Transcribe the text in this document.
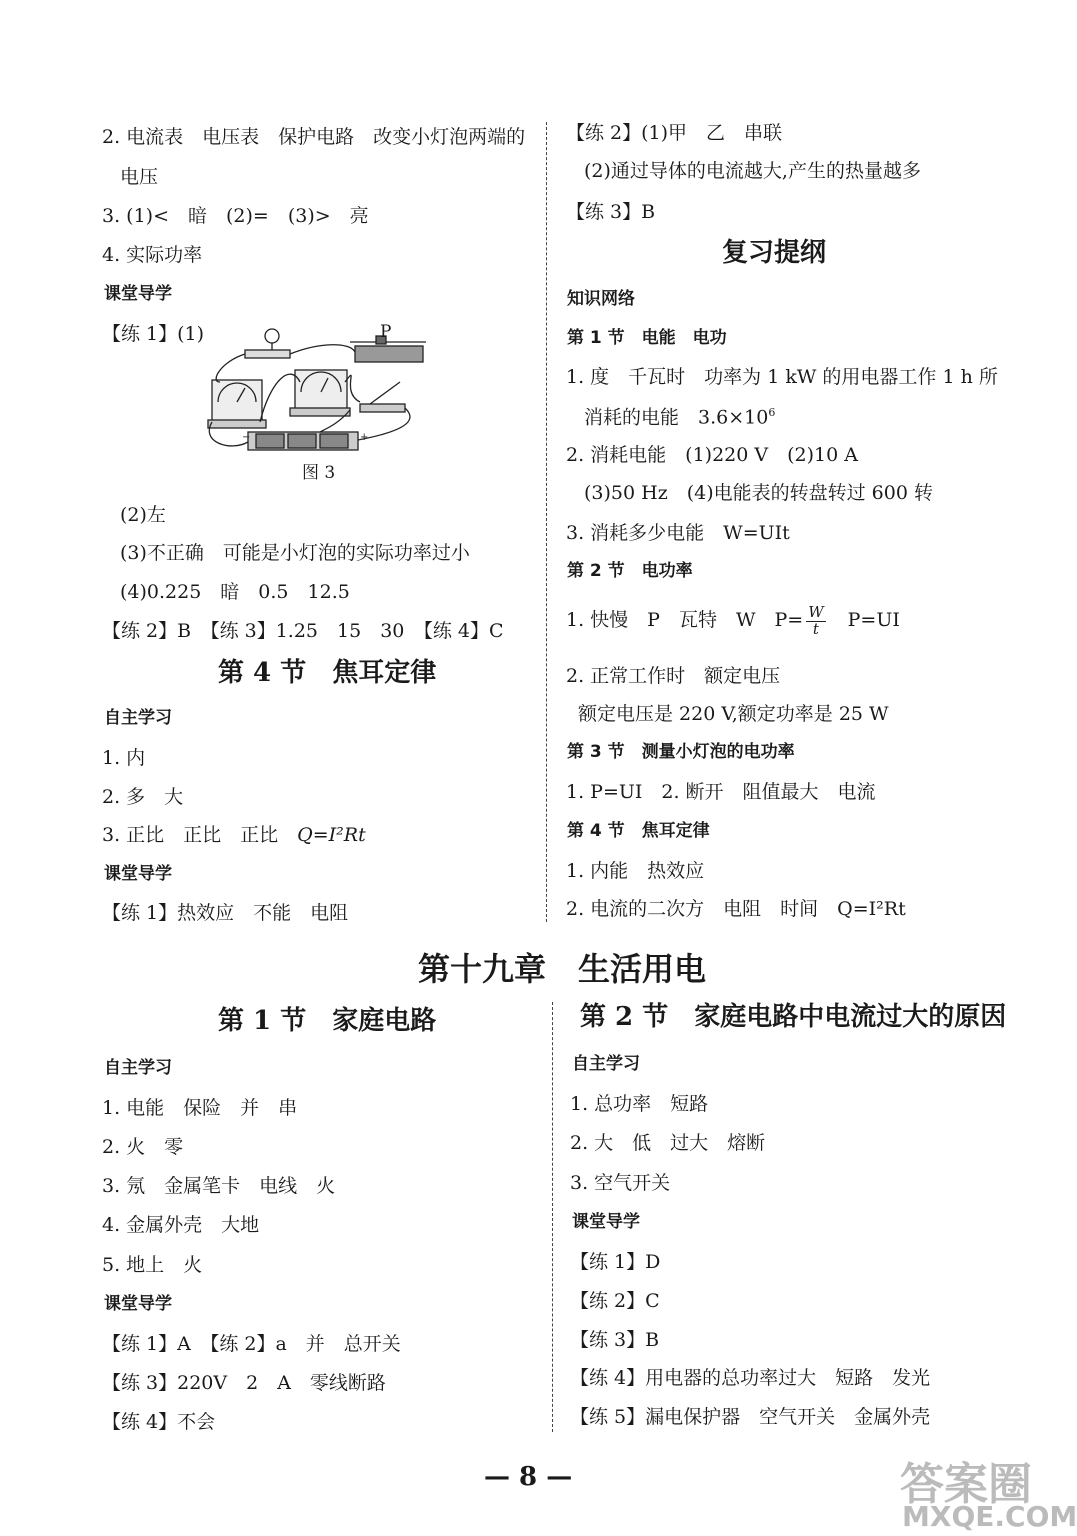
2. 电流表　电压表　保护电路　改变小灯泡两端的
电压
3. (1)<　暗　(2)=　(3)>　亮
4. 实际功率
课堂导学
【练 1】(1)
−	+
P
图 3
(2)左
(3)不正确　可能是小灯泡的实际功率过小
(4)0.225　暗　0.5　12.5
【练 2】B　【练 3】1.25　15　30　【练 4】C
第 4 节　焦耳定律
自主学习
1. 内
2. 多　大
3. 正比　正比　正比　Q=I²Rt
课堂导学
【练 1】热效应　不能　电阻
【练 2】(1)甲　乙　串联
(2)通过导体的电流越大,产生的热量越多
【练 3】B
复习提纲
知识网络
第 1 节　电能　电功
1. 度　千瓦时　功率为 1 kW 的用电器工作 1 h 所
消耗的电能　$3.6\times 10^6$
2. 消耗电能　(1)220 V　(2)10 A
(3)50 Hz　(4)电能表的转盘转过 600 转
3. 消耗多少电能　W=UIt
第 2 节　电功率
1. 快慢　P　瓦特　W　$P= \frac{W}{t}$ 　P=UI
2. 正常工作时　额定电压
额定电压是 220 V,额定功率是 25 W
第 3 节　测量小灯泡的电功率
1. P=UI　2. 断开　阻值最大　电流
第 4 节　焦耳定律
1. 内能　热效应
2. 电流的二次方　电阻　时间　Q=I²Rt
第十九章　生活用电
第 1 节　家庭电路
自主学习
1. 电能　保险　并　串
2. 火　零
3. 氖　金属笔卡　电线　火
4. 金属外壳　大地
5. 地上　火
课堂导学
【练 1】A　【练 2】a　并　总开关
【练 3】220V　2　A　零线断路
【练 4】不会
第 2 节　家庭电路中电流过大的原因
自主学习
1. 总功率　短路
2. 大　低　过大　熔断
3. 空气开关
课堂导学
【练 1】D
【练 2】C
【练 3】B
【练 4】用电器的总功率过大　短路　发光
【练 5】漏电保护器　空气开关　金属外壳
— 8 —	答案圈
MXQE.COM
